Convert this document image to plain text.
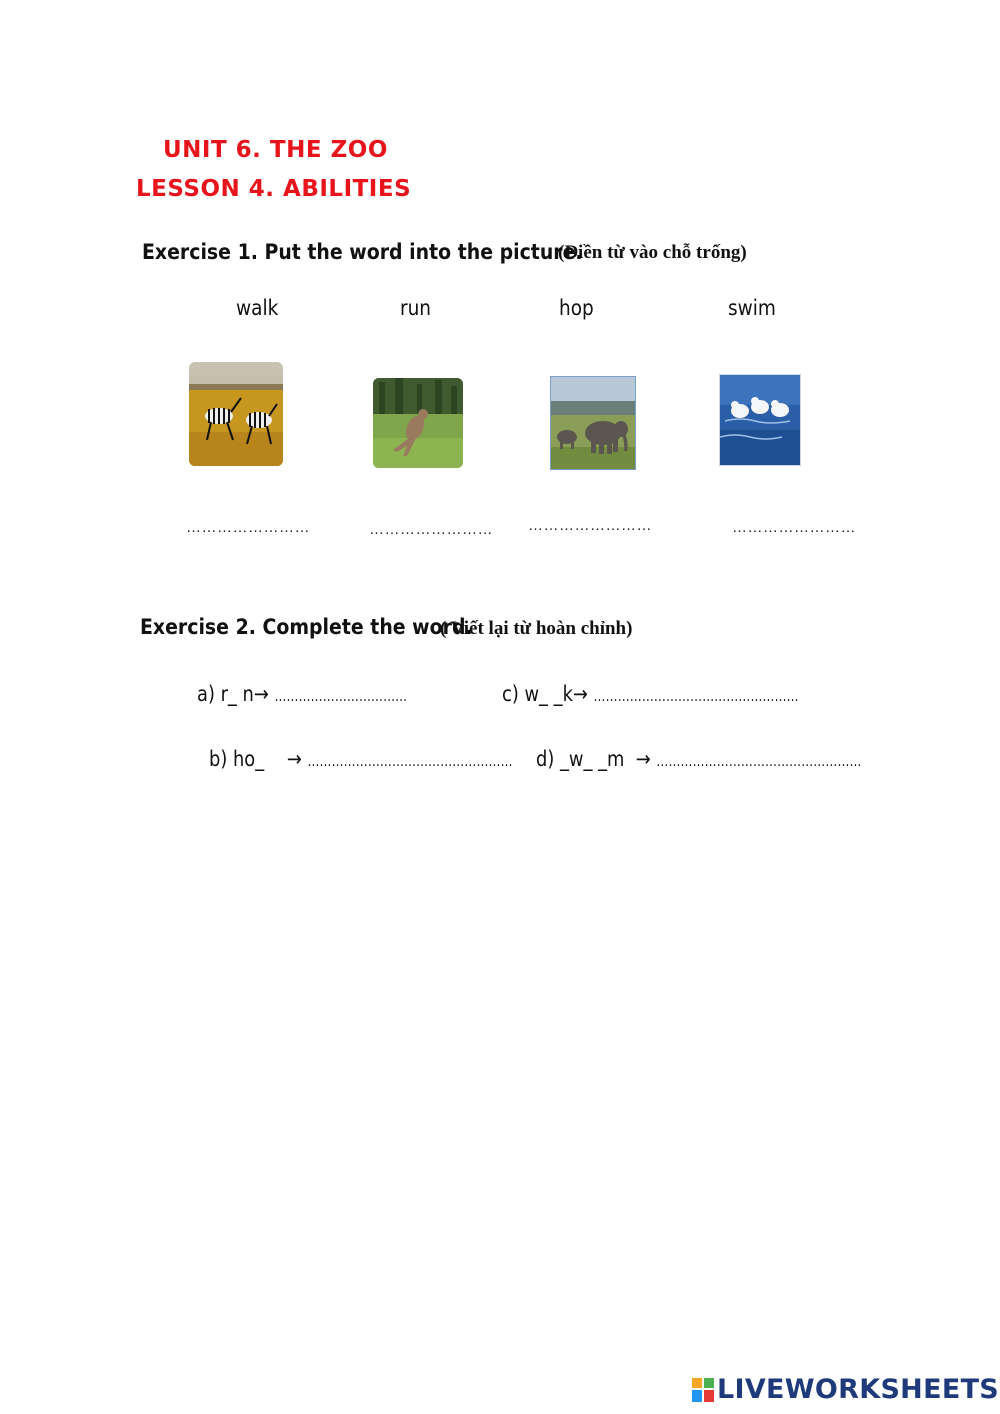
UNIT 6. THE ZOO
LESSON 4. ABILITIES
Exercise 1. Put the word into the picture.
(Điền từ vào chỗ trống)
walk	run	hop	swim
……………………	…………………… ……………………	……………………
Exercise 2. Complete the word.
( Viết lại từ hoàn chỉnh)
a) r_ n→ ……………………………	c) w_ _k→ ……………………………………………
b) ho_    → …………………………………………… d) _w_ _m  → ……………………………………………
LIVEWORKSHEETS
